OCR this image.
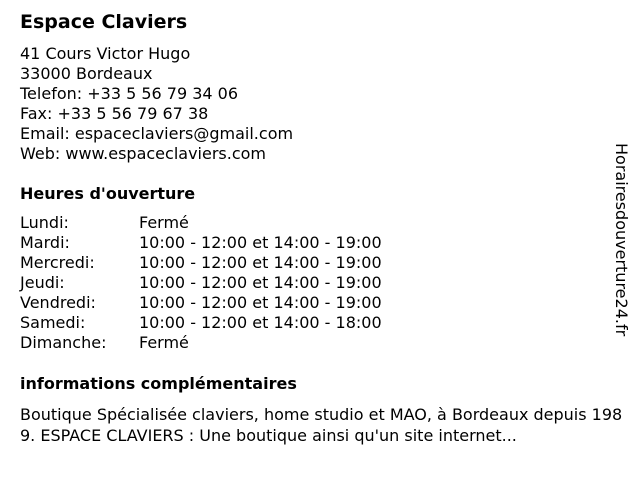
Espace Claviers
41 Cours Victor Hugo
33000 Bordeaux
Telefon: +33 5 56 79 34 06
Fax: +33 5 56 79 67 38
Email: espaceclaviers@gmail.com
Web: www.espaceclaviers.com
Heures d'ouverture
Lundi:	Fermé
Mardi:	10:00 - 12:00 et 14:00 - 19:00
Mercredi:	10:00 - 12:00 et 14:00 - 19:00
Jeudi:	10:00 - 12:00 et 14:00 - 19:00
Vendredi:	10:00 - 12:00 et 14:00 - 19:00
Samedi:	10:00 - 12:00 et 14:00 - 18:00
Dimanche:	Fermé
informations complémentaires
Boutique Spécialisée claviers, home studio et MAO, à Bordeaux depuis 1989. ESPACE CLAVIERS : Une boutique ainsi qu'un site internet...
Horairesdouverture24.fr
